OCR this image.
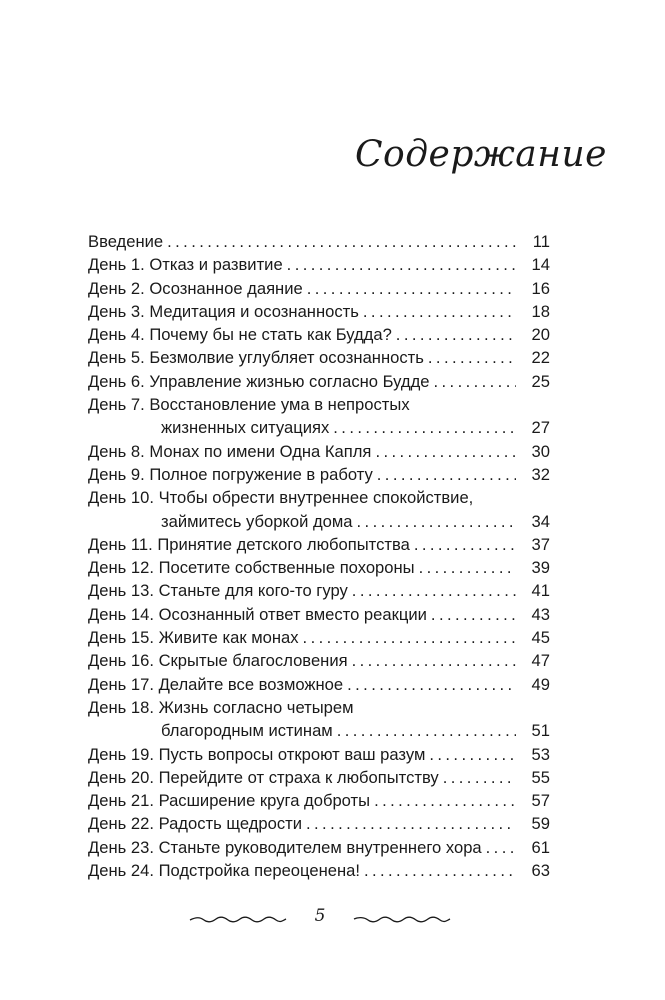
Содержание
Введение . . .	11
День 1. Отказ и развитие . . .	14
День 2. Осознанное даяние . . .	16
День 3. Медитация и осознанность . . .	18
День 4. Почему бы не стать как Будда? . . .	20
День 5. Безмолвие углубляет осознанность . . .	22
День 6. Управление жизнью согласно Будде . . .	25
День 7. Восстановление ума в непростых
жизненных ситуациях . . .	27
День 8. Монах по имени Одна Капля . . .	30
День 9. Полное погружение в работу . . .	32
День 10. Чтобы обрести внутреннее спокойствие,
займитесь уборкой дома . . .	34
День 11. Принятие детского любопытства . . .	37
День 12. Посетите собственные похороны . . .	39
День 13. Станьте для кого-то гуру . . .	41
День 14. Осознанный ответ вместо реакции . . .	43
День 15. Живите как монах . . .	45
День 16. Скрытые благословения . . .	47
День 17. Делайте все возможное . . .	49
День 18. Жизнь согласно четырем
благородным истинам . . .	51
День 19. Пусть вопросы откроют ваш разум . . .	53
День 20. Перейдите от страха к любопытству . . .	55
День 21. Расширение круга доброты . . .	57
День 22. Радость щедрости . . .	59
День 23. Станьте руководителем внутреннего хора . . .	61
День 24. Подстройка переоценена! . . .	63
5
